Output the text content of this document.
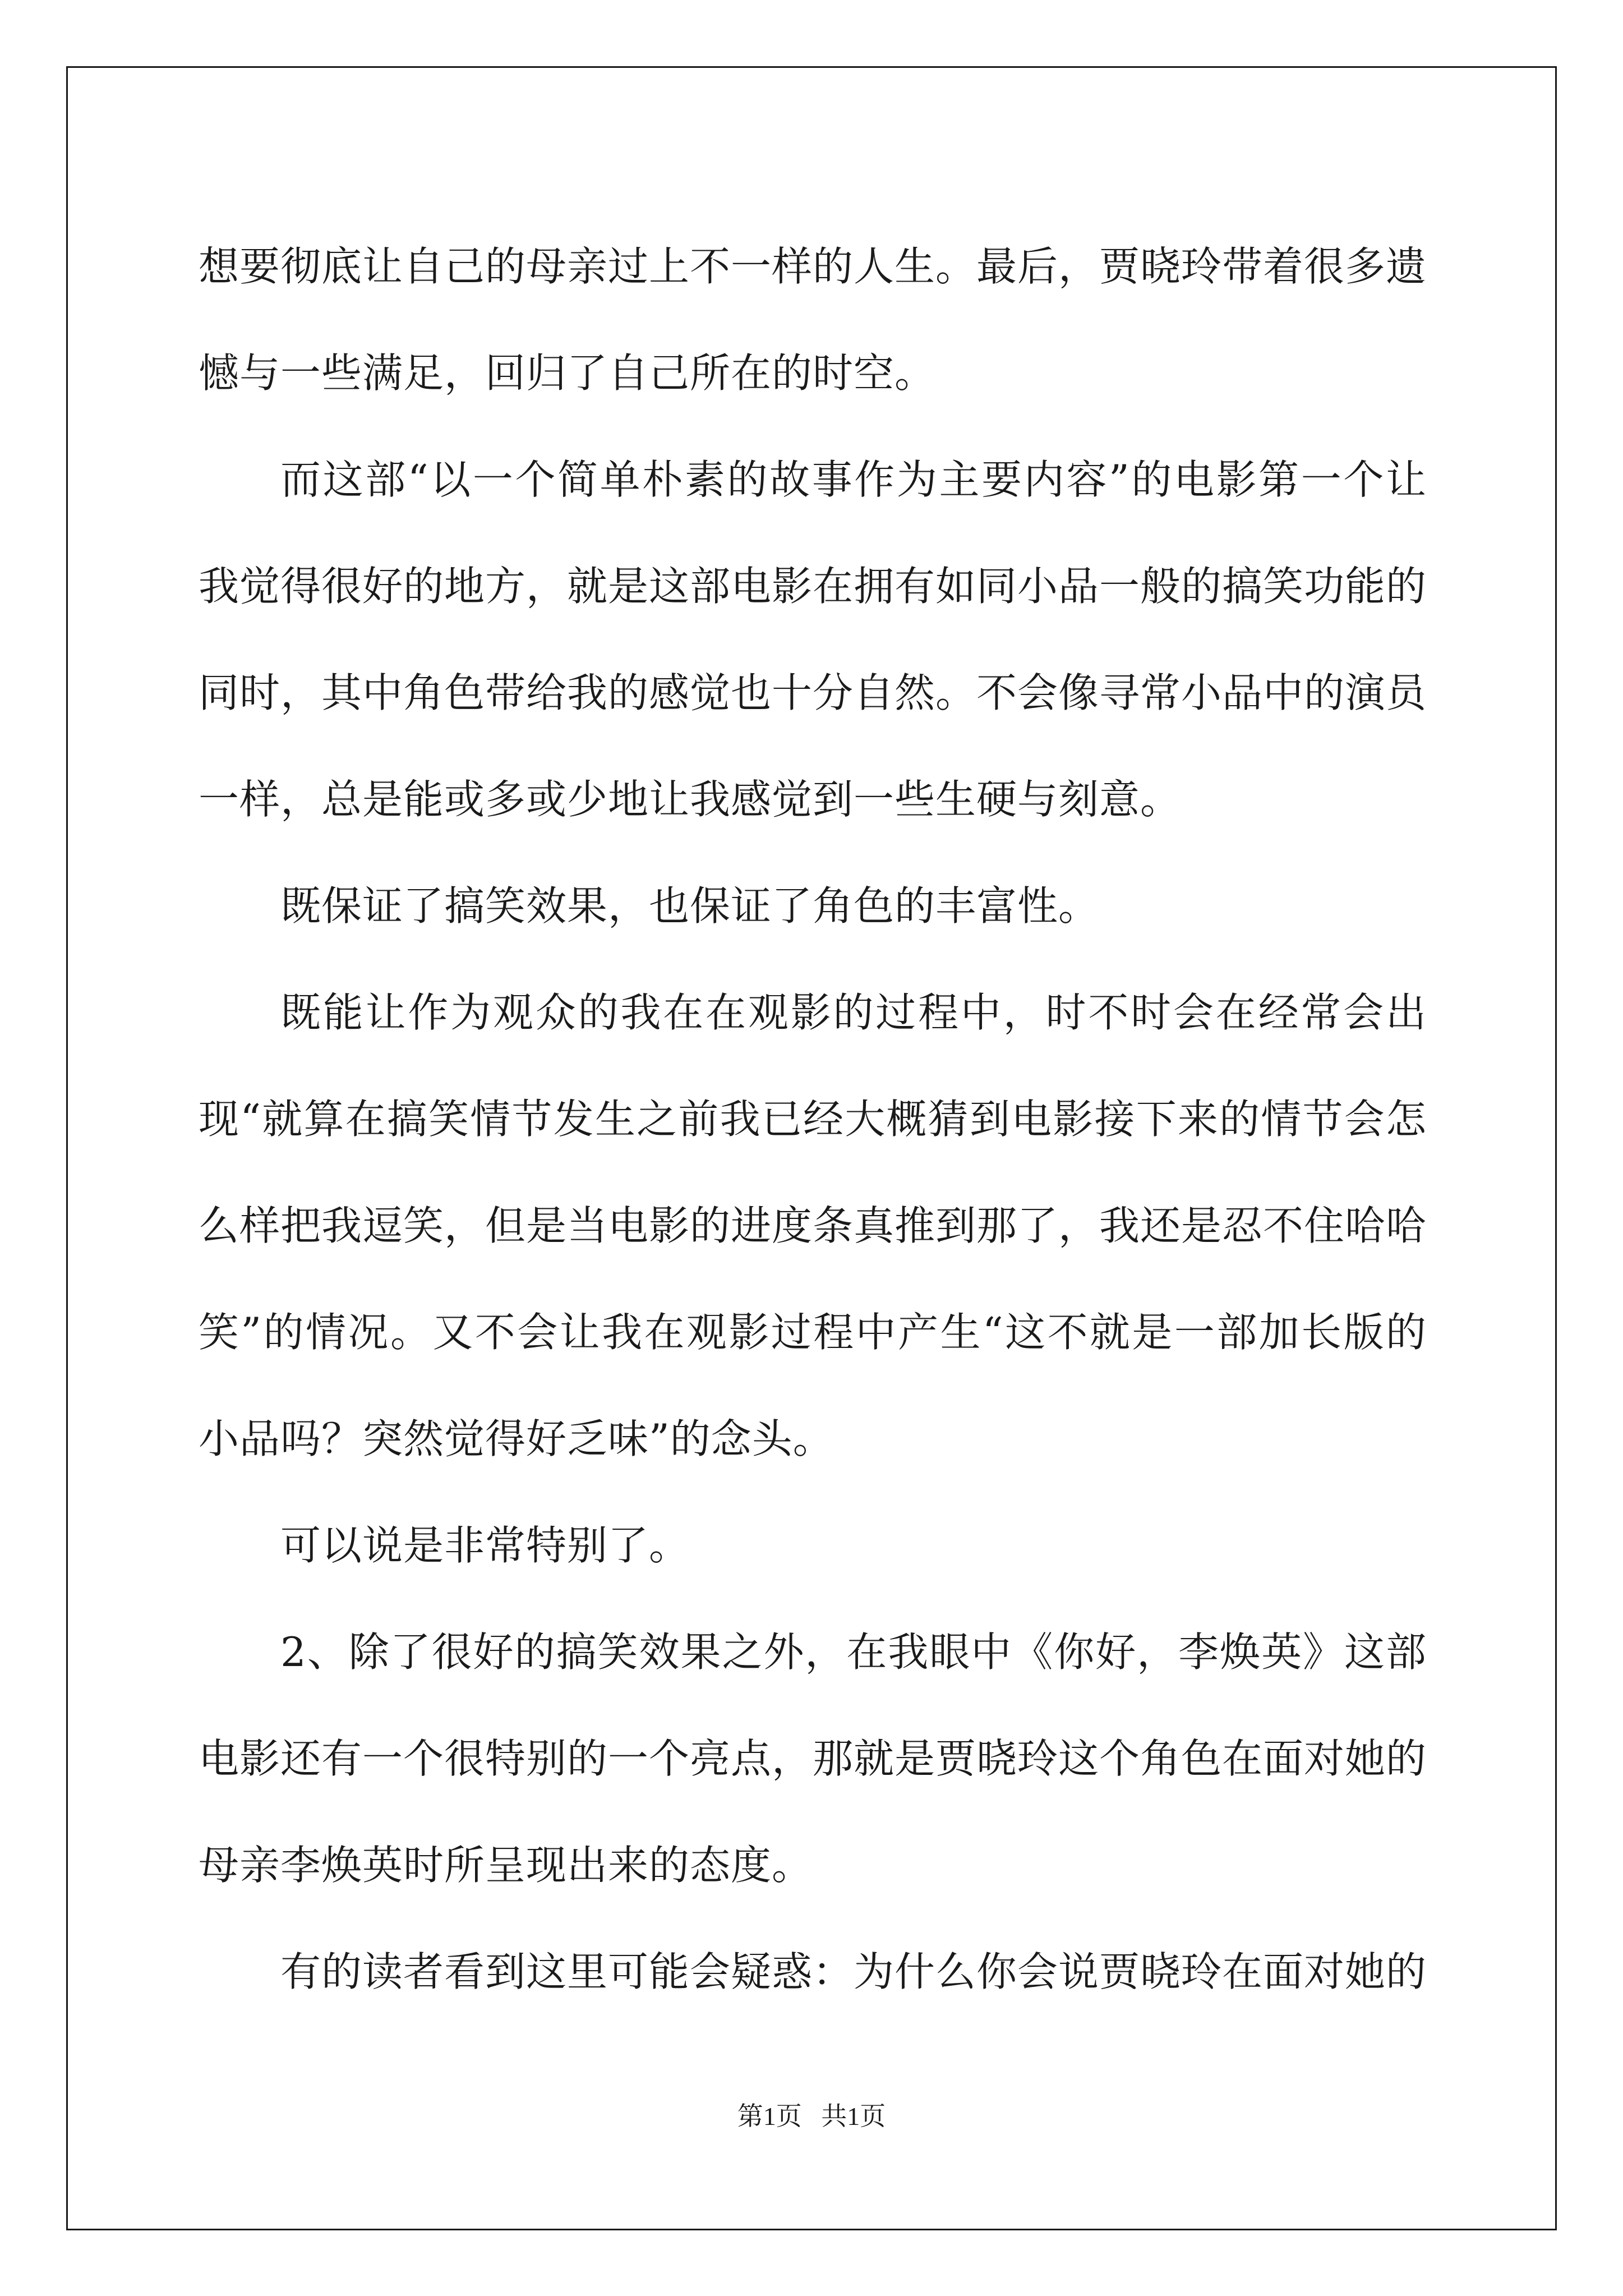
想要彻底让自己的母亲过上不一样的人生。最后，贾晓玲带着很多遗憾与一些满足，回归了自己所在的时空。

而这部“以一个简单朴素的故事作为主要内容”的电影第一个让我觉得很好的地方，就是这部电影在拥有如同小品一般的搞笑功能的同时，其中角色带给我的感觉也十分自然。不会像寻常小品中的演员一样，总是能或多或少地让我感觉到一些生硬与刻意。

既保证了搞笑效果，也保证了角色的丰富性。

既能让作为观众的我在在观影的过程中，时不时会在经常会出现“就算在搞笑情节发生之前我已经大概猜到电影接下来的情节会怎么样把我逗笑，但是当电影的进度条真推到那了，我还是忍不住哈哈笑”的情况。又不会让我在观影过程中产生“这不就是一部加长版的小品吗？突然觉得好乏味”的念头。

可以说是非常特别了。

2、除了很好的搞笑效果之外，在我眼中《你好，李焕英》这部电影还有一个很特别的一个亮点，那就是贾晓玲这个角色在面对她的母亲李焕英时所呈现出来的态度。

有的读者看到这里可能会疑惑：为什么你会说贾晓玲在面对她的

第1页   共1页
